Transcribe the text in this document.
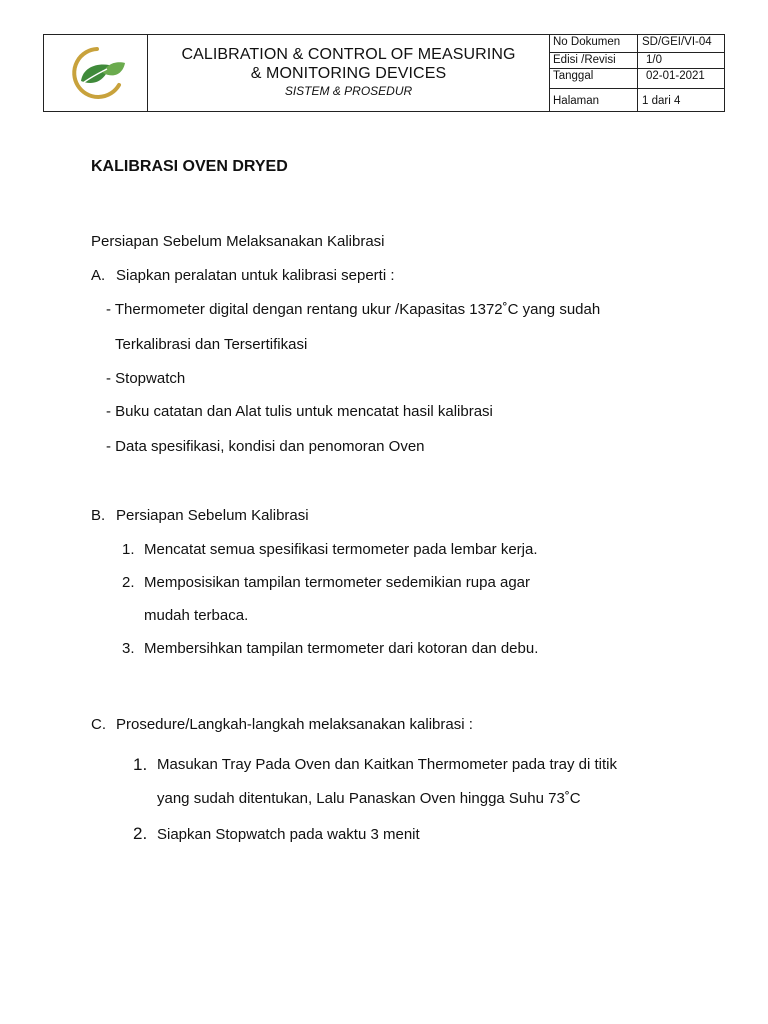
CALIBRATION & CONTROL OF MEASURING
& MONITORING DEVICES
SISTEM & PROSEDUR
No Dokumen	SD/GEI/VI-04
Edisi /Revisi	1/0
Tanggal	02-01-2021
Halaman	1 dari 4
KALIBRASI OVEN DRYED
Persiapan Sebelum Melaksanakan Kalibrasi
A. Siapkan peralatan untuk kalibrasi seperti :
- Thermometer digital dengan rentang ukur /Kapasitas 1372˚C yang sudah
Terkalibrasi dan Tersertifikasi
- Stopwatch
- Buku catatan dan Alat tulis untuk mencatat hasil kalibrasi
- Data spesifikasi, kondisi dan penomoran Oven
B. Persiapan Sebelum Kalibrasi
1. Mencatat semua spesifikasi termometer pada lembar kerja.
2. Memposisikan tampilan termometer sedemikian rupa agar
mudah terbaca.
3. Membersihkan tampilan termometer dari kotoran dan debu.
C. Prosedure/Langkah-langkah melaksanakan kalibrasi :
1. Masukan Tray Pada Oven dan Kaitkan Thermometer pada tray di titik
yang sudah ditentukan, Lalu Panaskan Oven hingga Suhu 73˚C
2. Siapkan Stopwatch pada waktu 3 menit
